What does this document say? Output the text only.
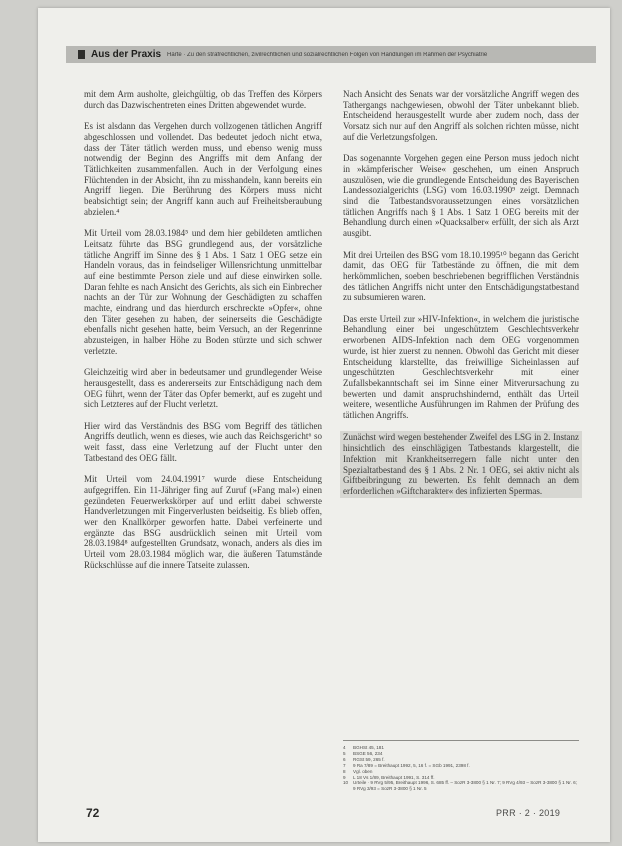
Aus der Praxis Härte · Zu den strafrechtlichen, zivilrechtlichen und sozialrechtlichen Folgen von Handlungen im Rahmen der Psychiatrie

mit dem Arm ausholte, gleichgültig, ob das Treffen des Körpers durch das Dazwischentreten eines Dritten abgewendet wurde.

Es ist alsdann das Vergehen durch vollzogenen tätlichen Angriff abgeschlossen und vollendet. Das bedeutet jedoch nicht etwa, dass der Täter tätlich werden muss, und ebenso wenig muss notwendig der Beginn des Angriffs mit dem Anfang der Tätlichkeiten zusammenfallen. Auch in der Verfolgung eines Flüchtenden in der Absicht, ihn zu misshandeln, kann bereits ein Angriff liegen. Die Berührung des Körpers muss nicht beabsichtigt sein; der Angriff kann auch auf Freiheitsberaubung abzielen.⁴

Mit Urteil vom 28.03.1984⁵ und dem hier gebildeten amtlichen Leitsatz führte das BSG grundlegend aus, der vorsätzliche tätliche Angriff im Sinne des § 1 Abs. 1 Satz 1 OEG setze ein Handeln voraus, das in feindseliger Willensrichtung unmittelbar auf eine bestimmte Person ziele und auf diese einwirken solle. Daran fehlte es nach Ansicht des Gerichts, als sich ein Einbrecher nachts an der Tür zur Wohnung der Geschädigten zu schaffen machte, eindrang und das hierdurch erschreckte »Opfer«, ohne den Täter gesehen zu haben, der seinerseits die Geschädigte ebenfalls nicht gesehen hatte, beim Versuch, an der Regenrinne abzusteigen, in halber Höhe zu Boden stürzte und sich schwer verletzte.

Gleichzeitig wird aber in bedeutsamer und grundlegender Weise herausgestellt, dass es andererseits zur Entschädigung nach dem OEG führt, wenn der Täter das Opfer bemerkt, auf es zugeht und sich Letzteres auf der Flucht verletzt.

Hier wird das Verständnis des BSG vom Begriff des tätlichen Angriffs deutlich, wenn es dieses, wie auch das Reichsgericht⁶ so weit fasst, dass eine Verletzung auf der Flucht unter den Tatbestand des OEG fällt.

Mit Urteil vom 24.04.1991⁷ wurde diese Entscheidung aufgegriffen. Ein 11-Jähriger fing auf Zuruf (»Fang mal«) einen gezündeten Feuerwerkskörper auf und erlitt dabei schwerste Handverletzungen mit Fingerverlusten beidseitig. Es blieb offen, wer den Knallkörper geworfen hatte. Dabei verfeinerte und ergänzte das BSG ausdrücklich seinen mit Urteil vom 28.03.1984⁸ aufgestellten Grundsatz, wonach, anders als dies im Urteil vom 28.03.1984 möglich war, die äußeren Tatumstände Rückschlüsse auf die innere Tatseite zulassen.

Nach Ansicht des Senats war der vorsätzliche Angriff wegen des Tathergangs nachgewiesen, obwohl der Täter unbekannt blieb. Entscheidend herausgestellt wurde aber zudem noch, dass der Vorsatz sich nur auf den Angriff als solchen richten müsse, nicht auf die Verletzungsfolgen.

Das sogenannte Vorgehen gegen eine Person muss jedoch nicht in »kämpferischer Weise« geschehen, um einen Anspruch auszulösen, wie die grundlegende Entscheidung des Bayerischen Landessozialgerichts (LSG) vom 16.03.1990⁹ zeigt. Demnach sind die Tatbestandsvoraussetzungen eines vorsätzlichen tätlichen Angriffs nach § 1 Abs. 1 Satz 1 OEG bereits mit der Behandlung durch einen »Quacksalber« erfüllt, der sich als Arzt ausgibt.

Mit drei Urteilen des BSG vom 18.10.1995¹⁰ begann das Gericht damit, das OEG für Tatbestände zu öffnen, die mit dem herkömmlichen, soeben beschriebenen begrifflichen Verständnis des tätlichen Angriffs nicht unter den Entschädigungstatbestand zu subsumieren waren.

Das erste Urteil zur »HIV-Infektion«, in welchem die juristische Behandlung einer bei ungeschütztem Geschlechtsverkehr erworbenen AIDS-Infektion nach dem OEG vorgenommen wurde, ist hier zuerst zu nennen. Obwohl das Gericht mit dieser Entscheidung klarstellte, das freiwillige Sicheinlassen auf ungeschützten Geschlechtsverkehr mit einer Zufallsbekanntschaft sei im Sinne einer Mitverursachung zu bewerten und damit anspruchshindernd, enthält das Urteil weitere, wesentliche Ausführungen im Rahmen der Prüfung des tätlichen Angriffs.

Zunächst wird wegen bestehender Zweifel des LSG in 2. Instanz hinsichtlich des einschlägigen Tatbestands klargestellt, die Infektion mit Krankheitserregern falle nicht unter den Spezialtatbestand des § 1 Abs. 2 Nr. 1 OEG, sei aktiv nicht als Giftbeibringung zu bewerten. Es fehlt demnach an dem erforderlichen »Giftcharakter« des infizierten Spermas.

4	BGHSt 45, 181
5	BSGE 56, 234
6	RGSt 59, 265 f.
7	9 Ra 7/89 = Breithaupt 1992, 5, 16 f. = SGb 1991, 2398 f.
8	Vgl. oben
9	L 18 Vs 1/89, Breithaupt 1991, S. 314 ff.
10	Urteile · 9 RVg 5/95, Breithaupt 1996, S. 685 ff. – SozR 3-3800 § 1 Nr. 7; 9 RVg 4/93 – SozR 3-3800 § 1 Nr. 6; 9 RVg 3/93 = SozR 3-3800 § 1 Nr. 5
72	PRR · 2 · 2019
